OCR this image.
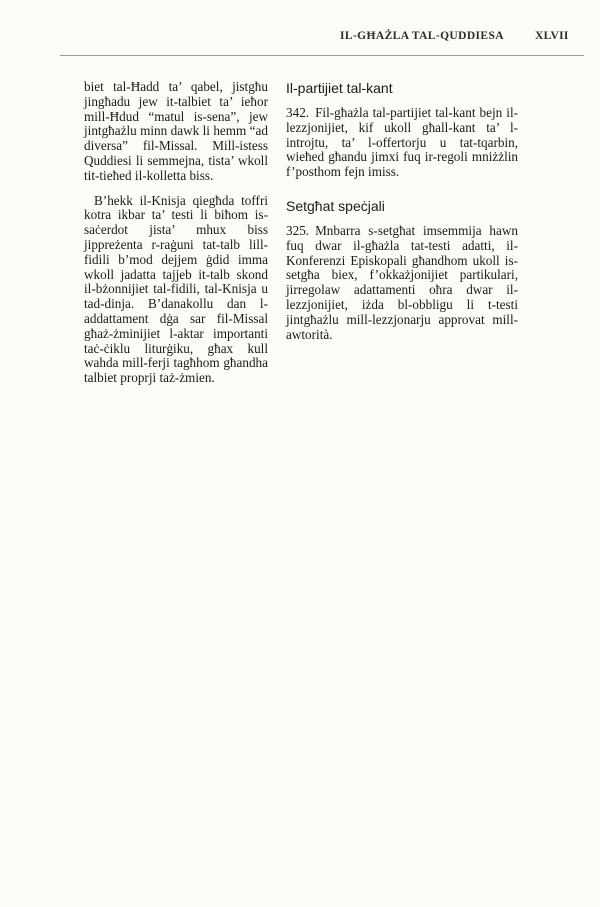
IL-GĦAŻLA TAL-QUDDIESA	XLVII

biet tal-Ħadd ta’ qabel, jistgħu jingħadu jew it-talbiet ta’ ieħor mill-Ħdud “matul is-sena”, jew jintgħażlu minn dawk li hemm “ad diversa” fil-Missal. Mill-istess Quddiesi li semmejna, tista’ wkoll tit-tieħed il-kolletta biss.

B’hekk il-Knisja qiegħda toffri kotra ikbar ta’ testi li biħom is-saċerdot jista’ mhux biss jippreżenta r-raġuni tat-talb lill-fidili b’mod dejjem ġdid imma wkoll jadatta tajjeb it-talb skond il-bżonnijiet tal-fidili, tal-Knisja u tad-dinja. B’danakollu dan l-addattament dġa sar fil-Missal għaż-żminijiet l-aktar importanti taċ-ċiklu liturġiku, għax kull wahda mill-ferji tagħhom għandha talbiet proprji taż-żmien.

Il-partijiet tal-kant

342. Fil-għażla tal-partijiet tal-kant bejn il-lezzjonijiet, kif ukoll għall-kant ta’ l-introjtu, ta’ l-offertorju u tat-tqarbin, wieħed għandu jimxi fuq ir-regoli mniżżlin f’posthom fejn imiss.

Setgħat speċjali

325. Mnbarra s-setgħat imsemmija hawn fuq dwar il-għażla tat-testi adatti, il-Konferenzi Episkopali għandhom ukoll is-setgħa biex, f’okkażjonijiet partikulari, jirregolaw adattamenti oħra dwar il-lezzjonijiet, iżda bl-obbligu li t-testi jintgħażlu mill-lezzjonarju approvat mill-awtorità.
